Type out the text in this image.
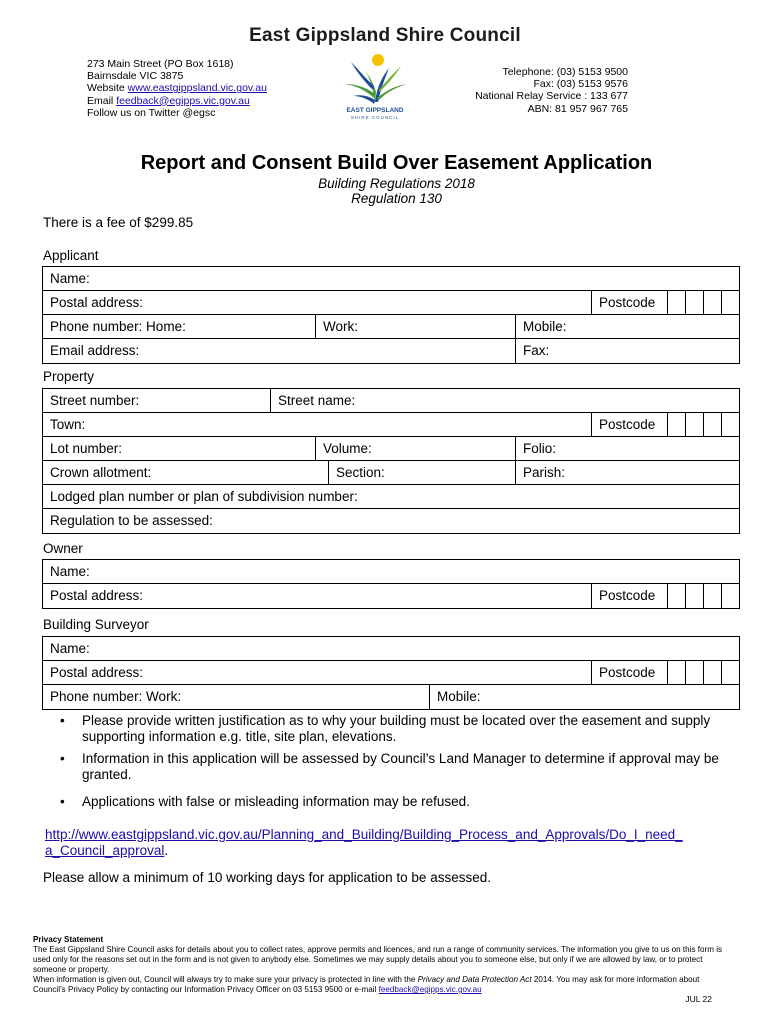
East Gippsland Shire Council
273 Main Street (PO Box 1618)
Bairnsdale VIC 3875
Website www.eastgippsland.vic.gov.au
Email feedback@egipps.vic.gov.au
Follow us on Twitter @egsc	EAST GIPPSLAND
SHIRE COUNCIL
Telephone: (03) 5153 9500
Fax: (03) 5153 9576
National Relay Service : 133 677
ABN: 81 957 967 765
Report and Consent Build Over Easement Application
Building Regulations 2018
Regulation 130
There is a fee of $299.85
Applicant
Name:
Postal address:	Postcode
Phone number: Home:	Work:	Mobile:
Email address:	Fax:
Property
Street number:	Street name:
Town:	Postcode
Lot number:	Volume:	Folio:
Crown allotment:	Section:	Parish:
Lodged plan number or plan of subdivision number:
Regulation to be assessed:
Owner
Name:
Postal address:	Postcode
Building Surveyor
Name:
Postal address:	Postcode
Phone number: Work:	Mobile:
• Please provide written justification as to why your building must be located over the easement and supply supporting information e.g. title, site plan, elevations.
• Information in this application will be assessed by Council’s Land Manager to determine if approval may be granted.
• Applications with false or misleading information may be refused.
http://www.eastgippsland.vic.gov.au/Planning_and_Building/Building_Process_and_Approvals/Do_I_need_
a_Council_approval.
Please allow a minimum of 10 working days for application to be assessed.
Privacy Statement
The East Gippsland Shire Council asks for details about you to collect rates, approve permits and licences, and run a range of community services. The information you give to us on this form is used only for the reasons set out in the form and is not given to anybody else. Sometimes we may supply details about you to someone else, but only if we are allowed by law, or to protect someone or property.
When information is given out, Council will always try to make sure your privacy is protected in line with the Privacy and Data Protection Act 2014. You may ask for more information about Council’s Privacy Policy by contacting our Information Privacy Officer on 03 5153 9500 or e-mail feedback@egipps.vic.gov.au
JUL 22
